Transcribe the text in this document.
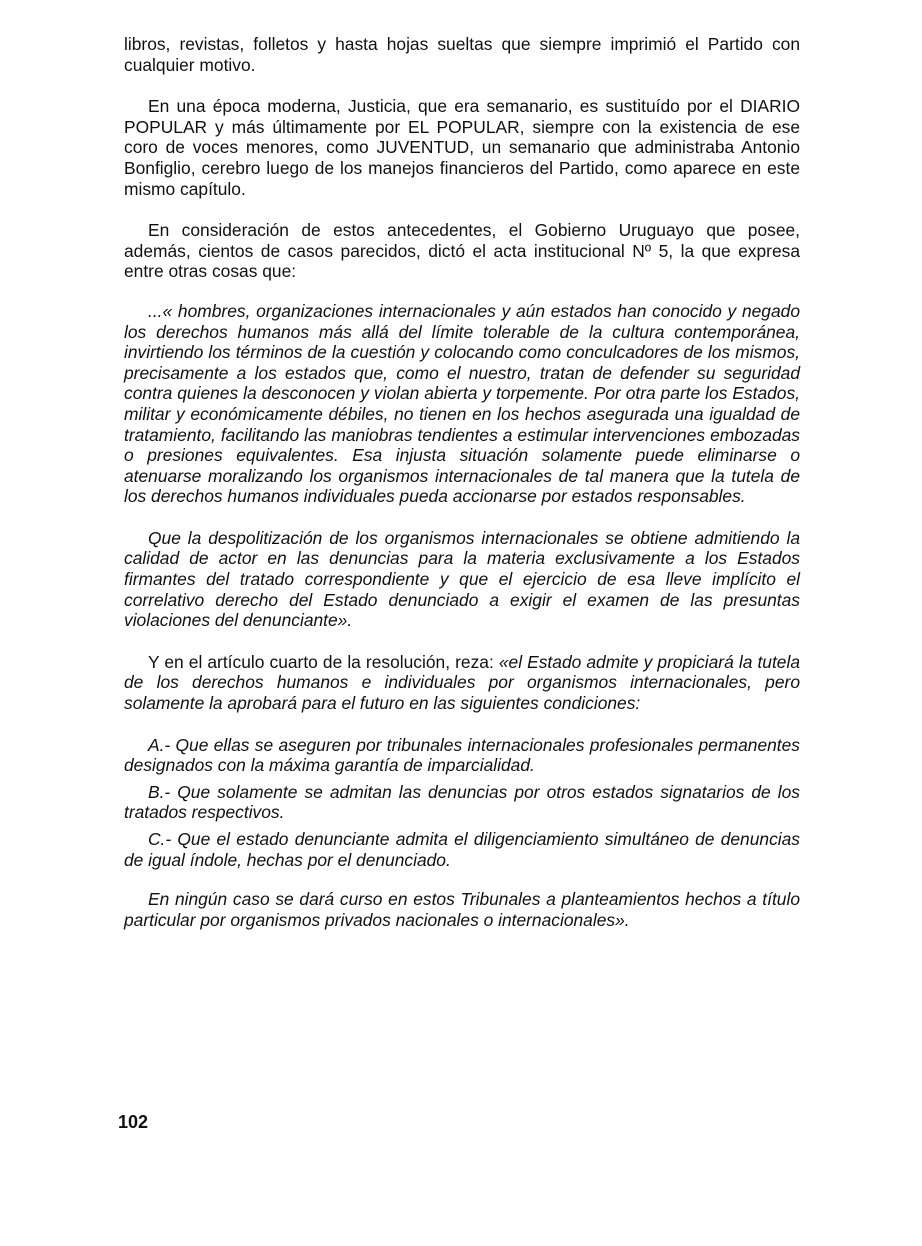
libros, revistas, folletos y hasta hojas sueltas que siempre imprimió el Partido con cualquier motivo.

En una época moderna, Justicia, que era semanario, es sustituído por el DIARIO POPULAR y más últimamente por EL POPULAR, siempre con la existencia de ese coro de voces menores, como JUVENTUD, un semanario que administraba Antonio Bonfiglio, cerebro luego de los manejos financieros del Partido, como aparece en este mismo capítulo.

En consideración de estos antecedentes, el Gobierno Uruguayo que posee, además, cientos de casos parecidos, dictó el acta institucional Nº 5, la que expresa entre otras cosas que:

...« hombres, organizaciones internacionales y aún estados han conocido y negado los derechos humanos más allá del límite tolerable de la cultura contemporánea, invirtiendo los términos de la cuestión y colocando como conculcadores de los mismos, precisamente a los estados que, como el nuestro, tratan de defender su seguridad contra quienes la desconocen y violan abierta y torpemente. Por otra parte los Estados, militar y económicamente débiles, no tienen en los hechos asegurada una igualdad de tratamiento, facilitando las maniobras tendientes a estimular intervenciones embozadas o presiones equivalentes. Esa injusta situación solamente puede eliminarse o atenuarse moralizando los organismos internacionales de tal manera que la tutela de los derechos humanos individuales pueda accionarse por estados responsables.

Que la despolitización de los organismos internacionales se obtiene admitiendo la calidad de actor en las denuncias para la materia exclusivamente a los Estados firmantes del tratado correspondiente y que el ejercicio de esa lleve implícito el correlativo derecho del Estado denunciado a exigir el examen de las presuntas violaciones del denunciante».

Y en el artículo cuarto de la resolución, reza: «el Estado admite y propiciará la tutela de los derechos humanos e individuales por organismos internacionales, pero solamente la aprobará para el futuro en las siguientes condiciones:

A.- Que ellas se aseguren por tribunales internacionales profesionales permanentes designados con la máxima garantía de imparcialidad.

B.- Que solamente se admitan las denuncias por otros estados signatarios de los tratados respectivos.

C.- Que el estado denunciante admita el diligenciamiento simultáneo de denuncias de igual índole, hechas por el denunciado.

En ningún caso se dará curso en estos Tribunales a planteamientos hechos a título particular por organismos privados nacionales o internacionales».

102
